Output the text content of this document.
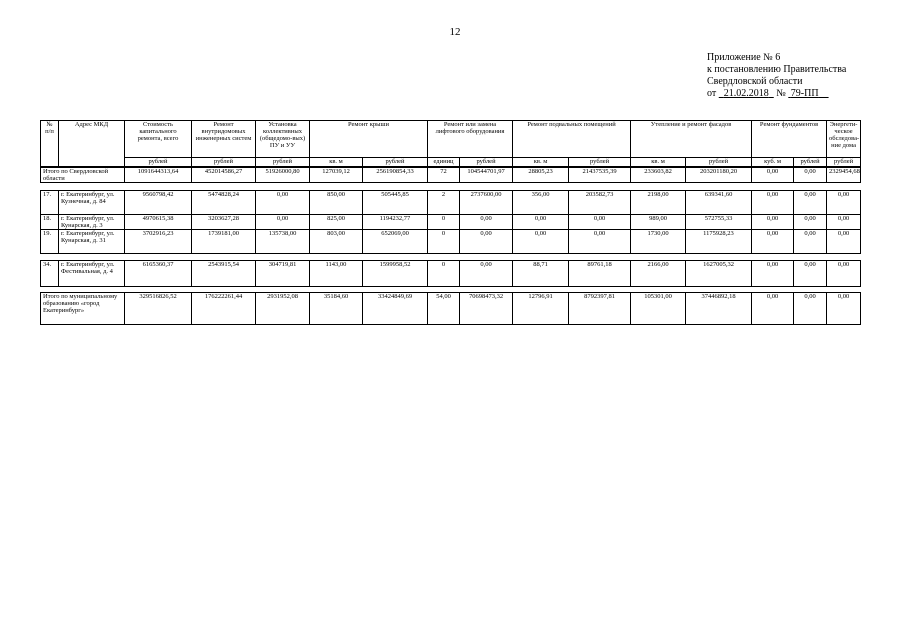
12
Приложение № 6
к постановлению Правительства
Свердловской области
от 21.02.2018 № 79-ПП
№ п/п	Адрес МКД	Стоимость капитального ремонта, всего	Ремонт внутридомовых инженерных систем	Установка коллективных (общедомо-вых) ПУ и УУ	Ремонт крыши		Ремонт или замена лифтового оборудования		Ремонт подвальных помещений		Утепление и ремонт фасадов		Ремонт фундаментов		Энергети-ческое обследова-ние дома
		рублей	рублей	рублей	кв. м	рублей	единиц	рублей	кв. м	рублей	кв. м	рублей	куб. м	рублей	рублей
Итого по Свердловской области		1091644313,64	452014586,27	51926000,80	127039,12	256190854,33	72	104544701,97	28805,23	21437535,39	233603,82	203201180,20	0,00	0,00	2329454,68
17.	г. Екатеринбург, ул. Кузнечная, д. 84	9560798,42	5474828,24	0,00	850,00	505445,85	2	2737600,00	356,00	203582,73	2198,00	639341,60	0,00	0,00	0,00
18.	г. Екатеринбург, ул. Кунарская, д. 3	4970615,38	3203627,28	0,00	825,00	1194232,77	0	0,00	0,00	0,00	989,00	572755,33	0,00	0,00	0,00
19.	г. Екатеринбург, ул. Кунарская, д. 31	3702916,23	1739181,00	135738,00	803,00	652069,00	0	0,00	0,00	0,00	1730,00	1175928,23	0,00	0,00	0,00
34.	г. Екатеринбург, ул. Фестивальная, д. 4	6165360,37	2543915,54	304719,81	1143,00	1599958,52	0	0,00	88,71	89761,18	2166,00	1627005,32	0,00	0,00	0,00
Итого по муниципальному образованию «город Екатеринбург»	329516826,52	176222261,44	2931952,08	35184,60	33424849,69	54,00	70698473,32	12796,91	8792397,81	105301,00	37446892,18	0,00	0,00	0,00
